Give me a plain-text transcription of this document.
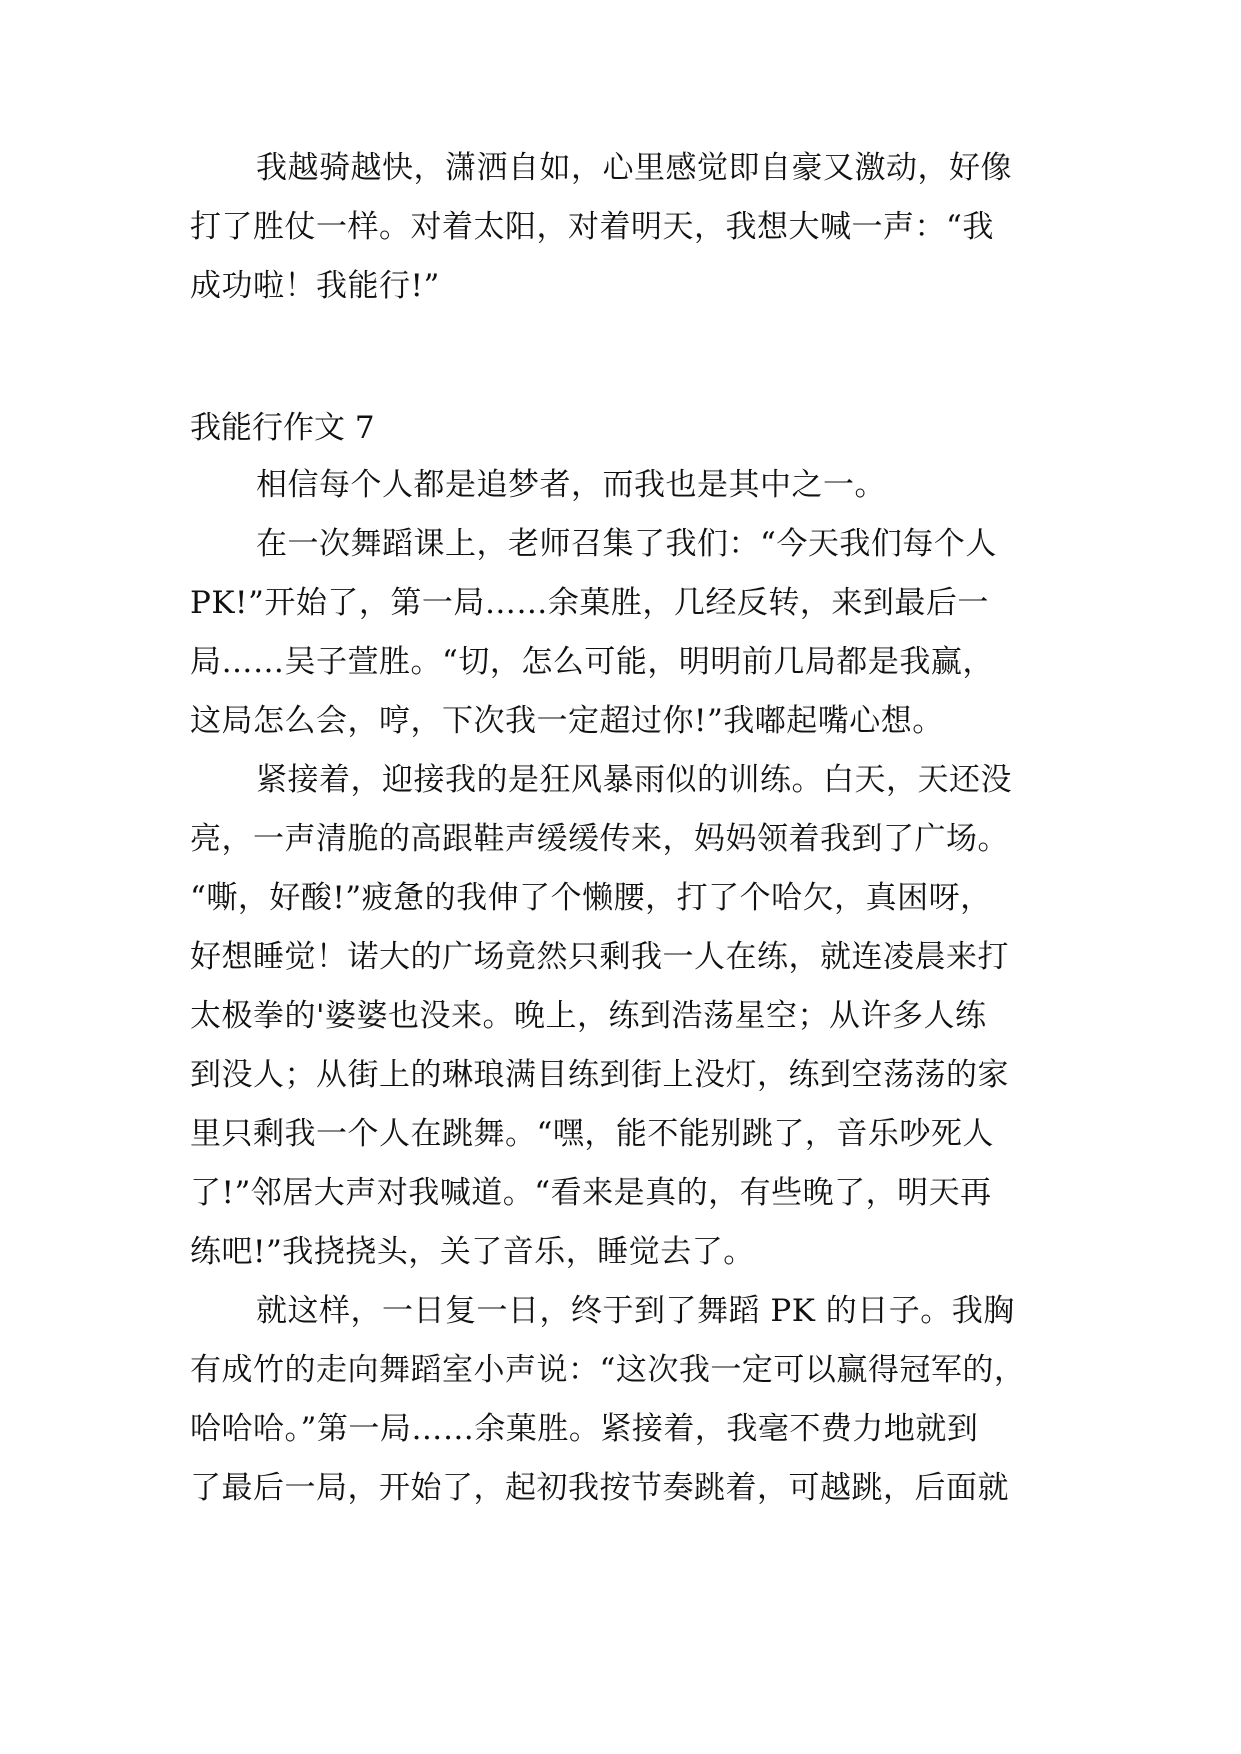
我越骑越快，潇洒自如，心里感觉即自豪又激动，好像
打了胜仗一样。对着太阳，对着明天，我想大喊一声：“我
成功啦！我能行!”
我能行作文 7
相信每个人都是追梦者，而我也是其中之一。
在一次舞蹈课上，老师召集了我们：“今天我们每个人
PK!”开始了，第一局……余菓胜，几经反转，来到最后一
局……吴子萱胜。“切，怎么可能，明明前几局都是我赢，
这局怎么会，哼，下次我一定超过你!”我嘟起嘴心想。
紧接着，迎接我的是狂风暴雨似的训练。白天，天还没
亮，一声清脆的高跟鞋声缓缓传来，妈妈领着我到了广场。
“嘶，好酸!”疲惫的我伸了个懒腰，打了个哈欠，真困呀，
好想睡觉！诺大的广场竟然只剩我一人在练，就连凌晨来打
太极拳的'婆婆也没来。晚上，练到浩荡星空；从许多人练
到没人；从街上的琳琅满目练到街上没灯，练到空荡荡的家
里只剩我一个人在跳舞。“嘿，能不能别跳了，音乐吵死人
了!”邻居大声对我喊道。“看来是真的，有些晚了，明天再
练吧!”我挠挠头，关了音乐，睡觉去了。
就这样，一日复一日，终于到了舞蹈 PK 的日子。我胸
有成竹的走向舞蹈室小声说：“这次我一定可以赢得冠军的，
哈哈哈。”第一局……余菓胜。紧接着，我毫不费力地就到
了最后一局，开始了，起初我按节奏跳着，可越跳，后面就
